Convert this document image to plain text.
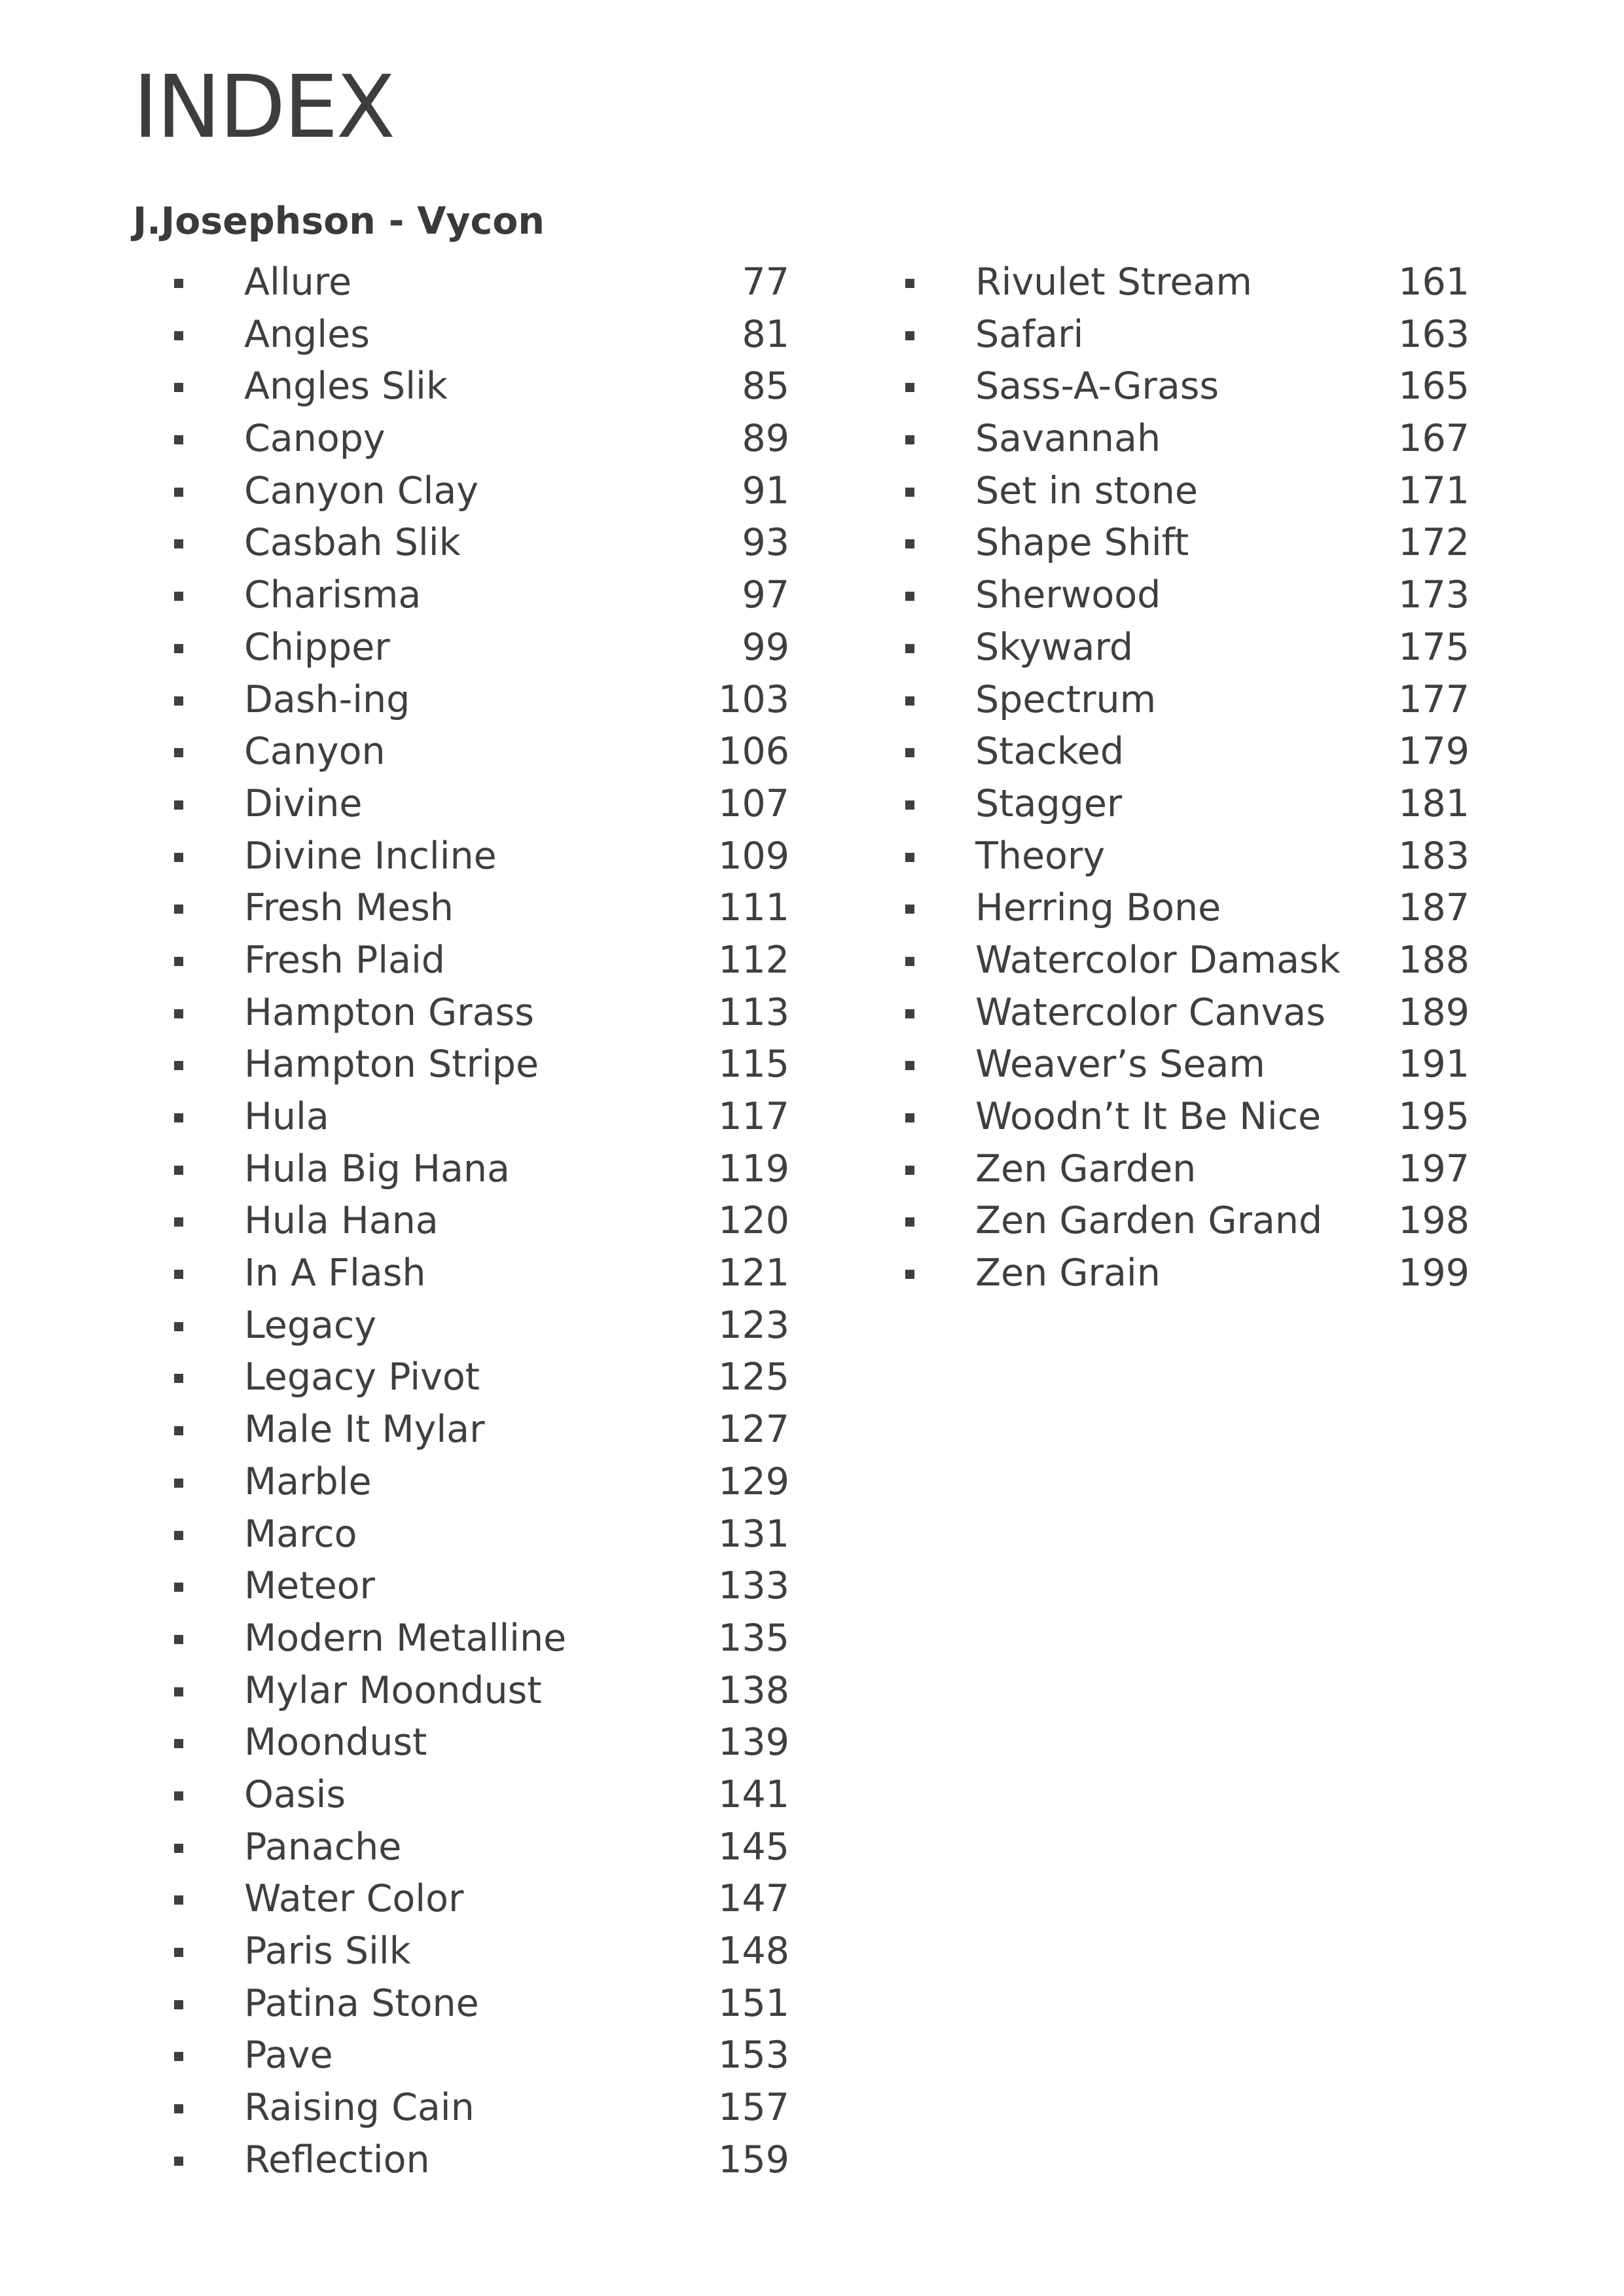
INDEX
J.Josephson - Vycon
Allure	77
Angles	81
Angles Slik	85
Canopy	89
Canyon Clay	91
Casbah Slik	93
Charisma	97
Chipper	99
Dash-ing	103
Canyon	106
Divine	107
Divine Incline	109
Fresh Mesh	111
Fresh Plaid	112
Hampton Grass	113
Hampton Stripe	115
Hula	117
Hula Big Hana	119
Hula Hana	120
In A Flash	121
Legacy	123
Legacy Pivot	125
Male It Mylar	127
Marble	129
Marco	131
Meteor	133
Modern Metalline	135
Mylar Moondust	138
Moondust	139
Oasis	141
Panache	145
Water Color	147
Paris Silk	148
Patina Stone	151
Pave	153
Raising Cain	157
Reflection	159
Rivulet Stream	161
Safari	163
Sass-A-Grass	165
Savannah	167
Set in stone	171
Shape Shift	172
Sherwood	173
Skyward	175
Spectrum	177
Stacked	179
Stagger	181
Theory	183
Herring Bone	187
Watercolor Damask 188
Watercolor Canvas 189
Weaver’s Seam	191
Woodn’t It Be Nice 195
Zen Garden	197
Zen Garden Grand 198
Zen Grain	199
